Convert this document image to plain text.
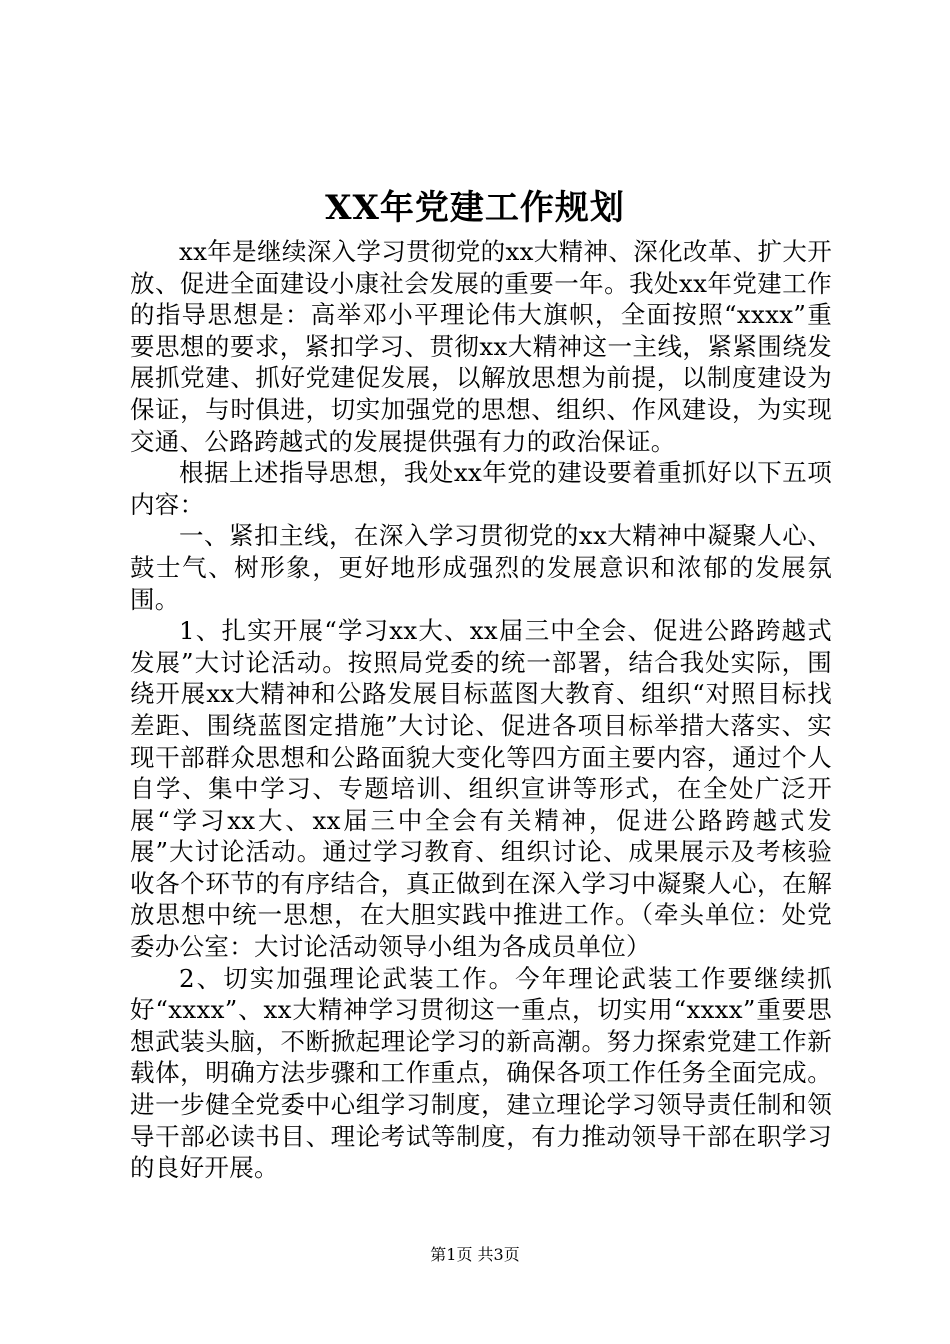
XX年党建工作规划

xx年是继续深入学习贯彻党的xx大精神、深化改革、扩大开放、促进全面建设小康社会发展的重要一年。我处xx年党建工作的指导思想是：高举邓小平理论伟大旗帜，全面按照“xxxx”重要思想的要求，紧扣学习、贯彻xx大精神这一主线，紧紧围绕发展抓党建、抓好党建促发展，以解放思想为前提，以制度建设为保证，与时俱进，切实加强党的思想、组织、作风建设，为实现交通、公路跨越式的发展提供强有力的政治保证。

根据上述指导思想，我处xx年党的建设要着重抓好以下五项内容：

一、紧扣主线，在深入学习贯彻党的xx大精神中凝聚人心、鼓士气、树形象，更好地形成强烈的发展意识和浓郁的发展氛围。

1、扎实开展“学习xx大、xx届三中全会、促进公路跨越式发展”大讨论活动。按照局党委的统一部署，结合我处实际，围绕开展xx大精神和公路发展目标蓝图大教育、组织“对照目标找差距、围绕蓝图定措施”大讨论、促进各项目标举措大落实、实现干部群众思想和公路面貌大变化等四方面主要内容，通过个人自学、集中学习、专题培训、组织宣讲等形式，在全处广泛开展“学习xx大、xx届三中全会有关精神，促进公路跨越式发展”大讨论活动。通过学习教育、组织讨论、成果展示及考核验收各个环节的有序结合，真正做到在深入学习中凝聚人心，在解放思想中统一思想，在大胆实践中推进工作。（牵头单位：处党委办公室：大讨论活动领导小组为各成员单位）

2、切实加强理论武装工作。今年理论武装工作要继续抓好“xxxx”、xx大精神学习贯彻这一重点，切实用“xxxx”重要思想武装头脑，不断掀起理论学习的新高潮。努力探索党建工作新载体，明确方法步骤和工作重点，确保各项工作任务全面完成。进一步健全党委中心组学习制度，建立理论学习领导责任制和领导干部必读书目、理论考试等制度，有力推动领导干部在职学习的良好开展。

第1页 共3页
